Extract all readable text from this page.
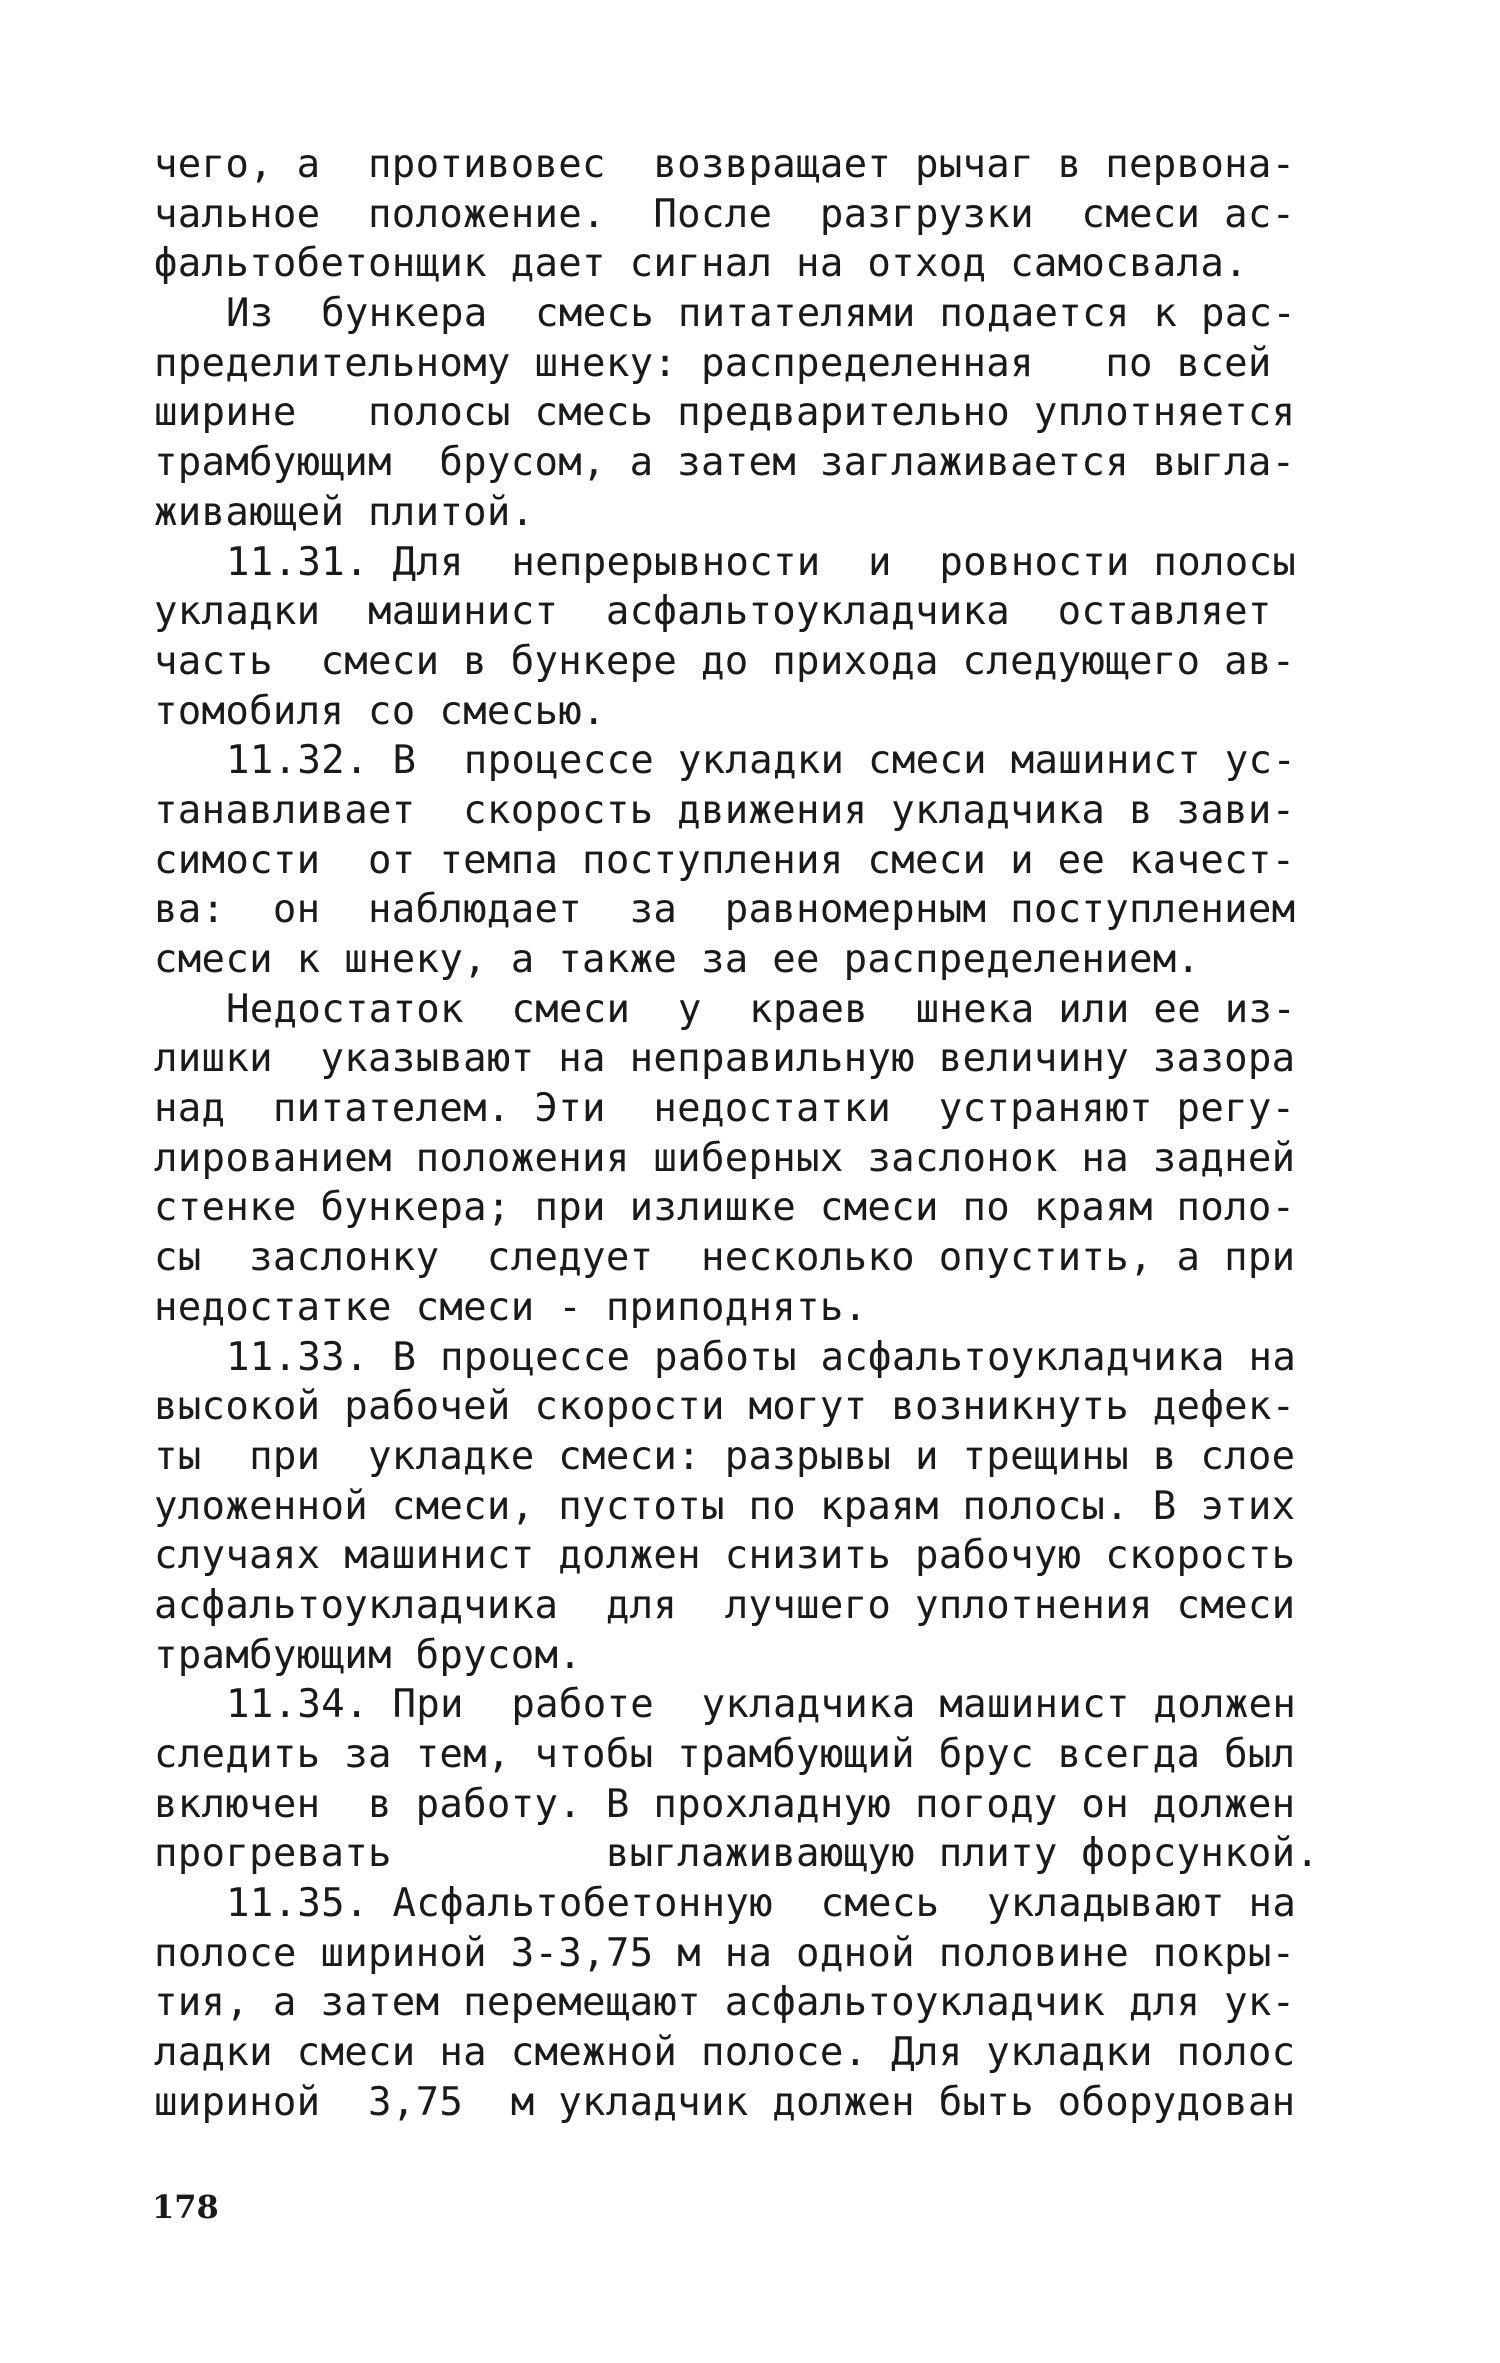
чего, а  противовес  возвращает рычаг в первона-
чальное  положение.  После  разгрузки  смеси ас-
фальтобетонщик дает сигнал на отход самосвала.
Из  бункера  смесь питателями подается к рас-
пределительному шнеку: распределенная   по всей
ширине   полосы смесь предварительно уплотняется
трамбующим  брусом, а затем заглаживается выгла-
живающей плитой.
11.31. Для  непрерывности  и  ровности полосы
укладки  машинист  асфальтоукладчика  оставляет
часть  смеси в бункере до прихода следующего ав-
томобиля со смесью.
11.32. В  процессе укладки смеси машинист ус-
танавливает  скорость движения укладчика в зави-
симости  от темпа поступления смеси и ее качест-
ва:  он  наблюдает  за  равномерным поступлением
смеси к шнеку, а также за ее распределением.
Недостаток  смеси  у  краев  шнека или ее из-
лишки  указывают на неправильную величину зазора
над  питателем. Эти  недостатки  устраняют регу-
лированием положения шиберных заслонок на задней
стенке бункера; при излишке смеси по краям поло-
сы  заслонку  следует  несколько опустить, а при
недостатке смеси - приподнять.
11.33. В процессе работы асфальтоукладчика на
высокой рабочей скорости могут возникнуть дефек-
ты  при  укладке смеси: разрывы и трещины в слое
уложенной смеси, пустоты по краям полосы. В этих
случаях машинист должен снизить рабочую скорость
асфальтоукладчика  для  лучшего уплотнения смеси
трамбующим брусом.
11.34. При  работе  укладчика машинист должен
следить за тем, чтобы трамбующий брус всегда был
включен  в работу. В прохладную погоду он должен
прогревать         выглаживающую плиту форсункой.
11.35. Асфальтобетонную  смесь  укладывают на
полосе шириной 3-3,75 м на одной половине покры-
тия, а затем перемещают асфальтоукладчик для ук-
ладки смеси на смежной полосе. Для укладки полос
шириной  3,75  м укладчик должен быть оборудован
178
